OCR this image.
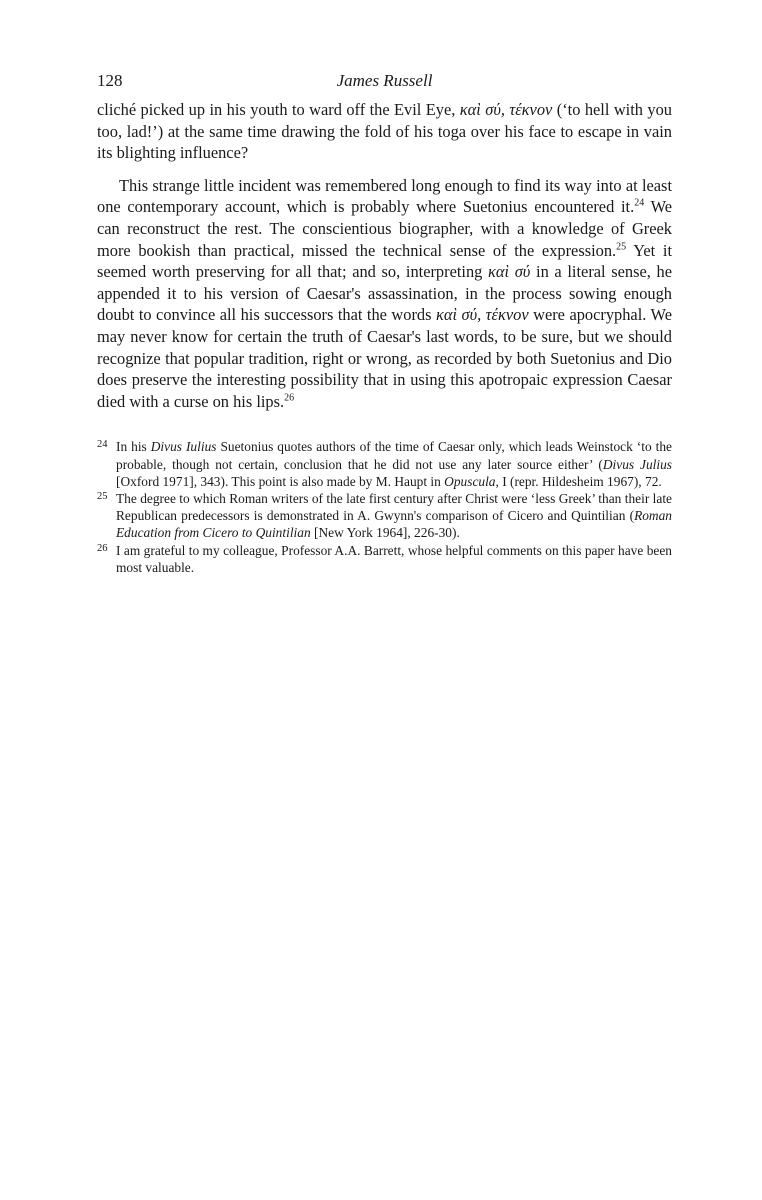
128	James Russell

cliché picked up in his youth to ward off the Evil Eye, καὶ σύ, τέκνον (‘to hell with you too, lad!’) at the same time drawing the fold of his toga over his face to escape in vain its blighting influence?

This strange little incident was remembered long enough to find its way into at least one contemporary account, which is probably where Suetonius encountered it.$^{24}$ We can reconstruct the rest. The conscientious biographer, with a knowledge of Greek more bookish than practical, missed the technical sense of the expression.$^{25}$ Yet it seemed worth preserving for all that; and so, interpreting καὶ σύ in a literal sense, he appended it to his version of Caesar's assassination, in the process sowing enough doubt to convince all his successors that the words καὶ σύ, τέκνον were apocryphal. We may never know for certain the truth of Caesar's last words, to be sure, but we should recognize that popular tradition, right or wrong, as recorded by both Suetonius and Dio does preserve the interesting possibility that in using this apotropaic expression Caesar died with a curse on his lips.$^{26}$

24 In his Divus Iulius Suetonius quotes authors of the time of Caesar only, which leads Weinstock ‘to the probable, though not certain, conclusion that he did not use any later source either’ (Divus Julius [Oxford 1971], 343). This point is also made by M. Haupt in Opuscula, I (repr. Hildesheim 1967), 72.
25 The degree to which Roman writers of the late first century after Christ were ‘less Greek’ than their late Republican predecessors is demonstrated in A. Gwynn's comparison of Cicero and Quintilian (Roman Education from Cicero to Quintilian [New York 1964], 226-30).
26 I am grateful to my colleague, Professor A.A. Barrett, whose helpful comments on this paper have been most valuable.
